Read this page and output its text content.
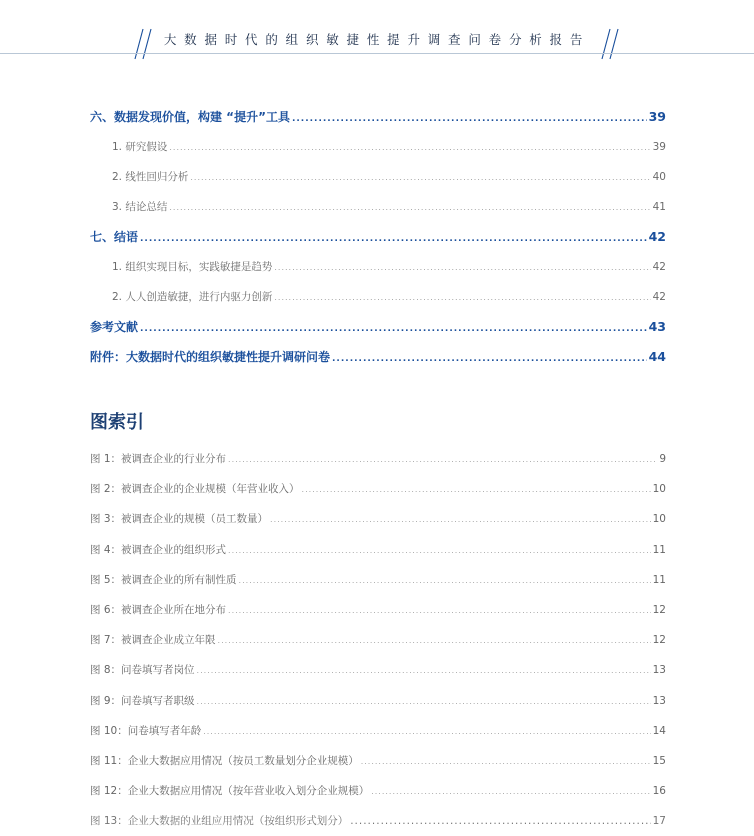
大数据时代的组织敏捷性提升调查问卷分析报告
六、数据发现价值，构建 “提升”工具 .....	39
1. 研究假设 .....	39
2. 线性回归分析 .....	40
3. 结论总结 .....	41
七、结语 .....	42
1. 组织实现目标，实践敏捷是趋势 .....	42
2. 人人创造敏捷，进行内驱力创新 .....	42
参考文献 .....	43
附件：大数据时代的组织敏捷性提升调研问卷 .....	44
图索引
图 1：被调查企业的行业分布 .....	9
图 2：被调查企业的企业规模（年营业收入） .....	10
图 3：被调查企业的规模（员工数量） .....	10
图 4：被调查企业的组织形式 .....	11
图 5：被调查企业的所有制性质 .....	11
图 6：被调查企业所在地分布 .....	12
图 7：被调查企业成立年限 .....	12
图 8：问卷填写者岗位 .....	13
图 9：问卷填写者职级 .....	13
图 10：问卷填写者年龄 .....	14
图 11：企业大数据应用情况（按员工数量划分企业规模） .....	15
图 12：企业大数据应用情况（按年营业收入划分企业规模） .....	16
图 13：企业大数据的业组应用情况（按组织形式划分） .....	17
